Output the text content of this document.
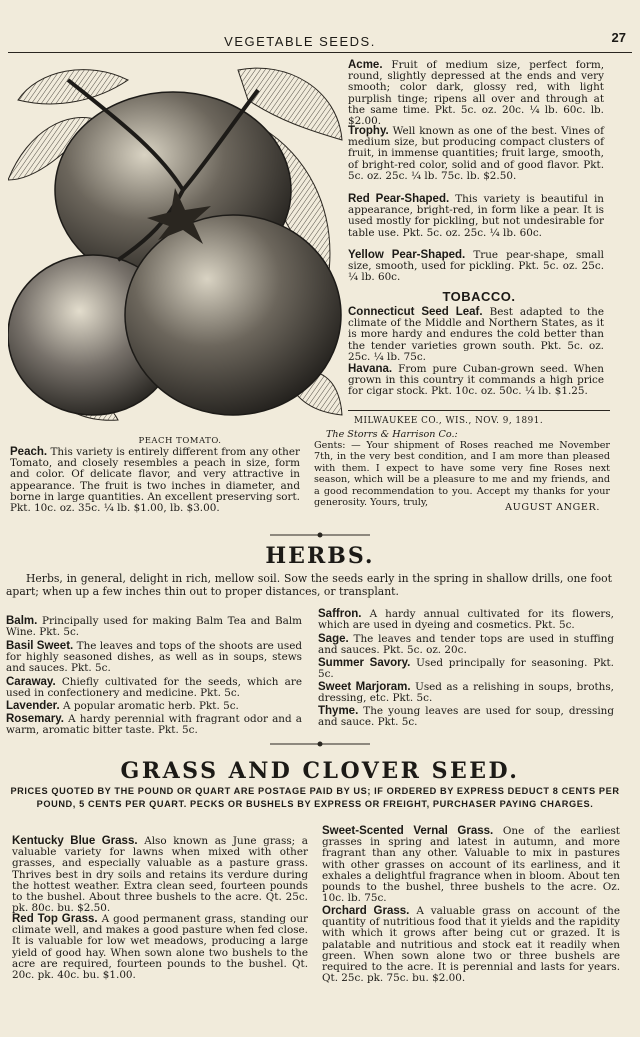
VEGETABLE SEEDS.	27
PEACH TOMATO.
Acme. Fruit of medium size, perfect form, round, slightly depressed at the ends and very smooth; color dark, glossy red, with light purplish tinge; ripens all over and through at the same time. Pkt. 5c. oz. 20c. ¼ lb. 60c. lb. $2.00.
Trophy. Well known as one of the best. Vines of medium size, but producing compact clusters of fruit, in immense quantities; fruit large, smooth, of bright-red color, solid and of good flavor. Pkt. 5c. oz. 25c. ¼ lb. 75c. lb. $2.50.
Red Pear-Shaped. This variety is beautiful in appearance, bright-red, in form like a pear. It is used mostly for pickling, but not undesirable for table use. Pkt. 5c. oz. 25c. ¼ lb. 60c.
Yellow Pear-Shaped. True pear-shape, small size, smooth, used for pickling. Pkt. 5c. oz. 25c. ¼ lb. 60c.
TOBACCO.
Connecticut Seed Leaf. Best adapted to the climate of the Middle and Northern States, as it is more hardy and endures the cold better than the tender varieties grown south. Pkt. 5c. oz. 25c. ¼ lb. 75c.
Havana. From pure Cuban-grown seed. When grown in this country it commands a high price for cigar stock. Pkt. 10c. oz. 50c. ¼ lb. $1.25.
Peach. This variety is entirely different from any other Tomato, and closely resembles a peach in size, form and color. Of delicate flavor, and very attractive in appearance. The fruit is two inches in diameter, and borne in large quantities. An excellent preserving sort. Pkt. 10c. oz. 35c. ¼ lb. $1.00, lb. $3.00.
MILWAUKEE CO., WIS., NOV. 9, 1891.
The Storrs & Harrison Co.:
Gents: — Your shipment of Roses reached me November 7th, in the very best condition, and I am more than pleased with them. I expect to have some very fine Roses next season, which will be a pleasure to me and my friends, and a good recommendation to you. Accept my thanks for your generosity. Yours, truly,	AUGUST ANGER.
HERBS.
Herbs, in general, delight in rich, mellow soil. Sow the seeds early in the spring in shallow drills, one foot apart; when up a few inches thin out to proper distances, or transplant.
Balm. Principally used for making Balm Tea and Balm Wine. Pkt. 5c.
Basil Sweet. The leaves and tops of the shoots are used for highly seasoned dishes, as well as in soups, stews and sauces. Pkt. 5c.
Caraway. Chiefly cultivated for the seeds, which are used in confectionery and medicine. Pkt. 5c.
Lavender. A popular aromatic herb. Pkt. 5c.
Rosemary. A hardy perennial with fragrant odor and a warm, aromatic bitter taste. Pkt. 5c.
Saffron. A hardy annual cultivated for its flowers, which are used in dyeing and cosmetics. Pkt. 5c.
Sage. The leaves and tender tops are used in stuffing and sauces. Pkt. 5c. oz. 20c.
Summer Savory. Used principally for seasoning. Pkt. 5c.
Sweet Marjoram. Used as a relishing in soups, broths, dressing, etc. Pkt. 5c.
Thyme. The young leaves are used for soup, dressing and sauce. Pkt. 5c.
GRASS AND CLOVER SEED.
PRICES QUOTED BY THE POUND OR QUART ARE POSTAGE PAID BY US; IF ORDERED BY EXPRESS DEDUCT 8 CENTS PER POUND, 5 CENTS PER QUART. PECKS OR BUSHELS BY EXPRESS OR FREIGHT, PURCHASER PAYING CHARGES.
Kentucky Blue Grass. Also known as June grass; a valuable variety for lawns when mixed with other grasses, and especially valuable as a pasture grass. Thrives best in dry soils and retains its verdure during the hottest weather. Extra clean seed, fourteen pounds to the bushel. About three bushels to the acre. Qt. 25c. pk. 80c. bu. $2.50.
Red Top Grass. A good permanent grass, standing our climate well, and makes a good pasture when fed close. It is valuable for low wet meadows, producing a large yield of good hay. When sown alone two bushels to the acre are required, fourteen pounds to the bushel. Qt. 20c. pk. 40c. bu. $1.00.
Sweet-Scented Vernal Grass. One of the earliest grasses in spring and latest in autumn, and more fragrant than any other. Valuable to mix in pastures with other grasses on account of its earliness, and it exhales a delightful fragrance when in bloom. About ten pounds to the bushel, three bushels to the acre. Oz. 10c. lb. 75c.
Orchard Grass. A valuable grass on account of the quantity of nutritious food that it yields and the rapidity with which it grows after being cut or grazed. It is palatable and nutritious and stock eat it readily when green. When sown alone two or three bushels are required to the acre. It is perennial and lasts for years. Qt. 25c. pk. 75c. bu. $2.00.
